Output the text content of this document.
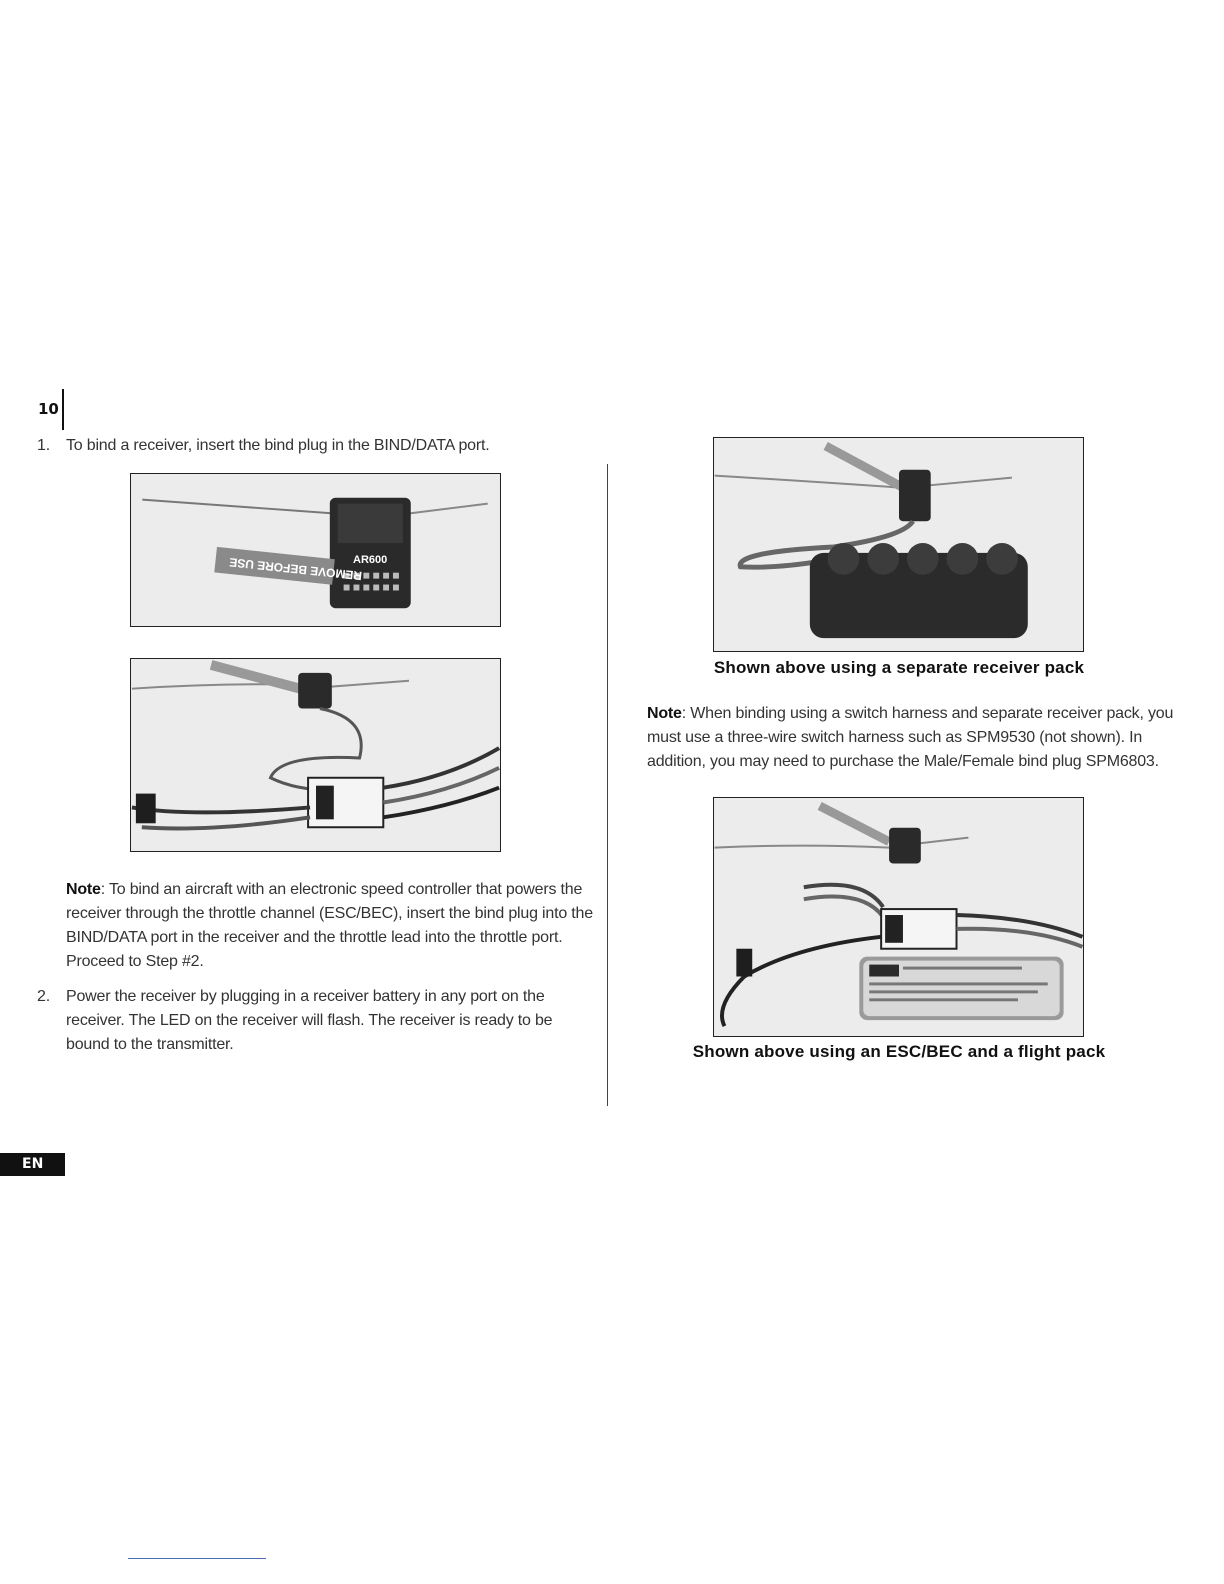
10
1. To bind a receiver, insert the bind plug in the BIND/DATA port.
REMOVE BEFORE USE
AR600
Note: To bind an aircraft with an electronic speed controller that powers the receiver through the throttle channel (ESC/BEC), insert the bind plug into the BIND/DATA port in the receiver and the throttle lead into the throttle port. Proceed to Step #2.
2. Power the receiver by plugging in a receiver battery in any port on the receiver. The LED on the receiver will flash. The receiver is ready to be bound to the transmitter.
Shown above using a separate receiver pack
Note: When binding using a switch harness and separate receiver pack, you must use a three-wire switch harness such as SPM9530 (not shown). In addition, you may need to purchase the Male/Female bind plug SPM6803.
Shown above using an ESC/BEC and a flight pack
EN
